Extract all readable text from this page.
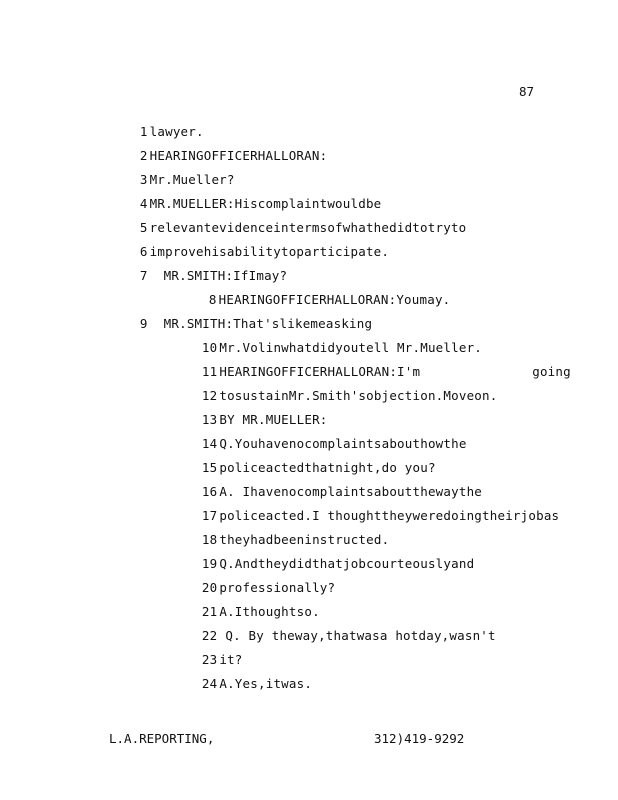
87

1 lawyer.

2 HEARINGOFFICERHALLORAN:

3 Mr.Mueller?

4 MR.MUELLER:Hiscomplaintwouldbe

5 relevantevidenceintermsofwhathedidtotryto

6 improvehisabilitytoparticipate.

7 MR.SMITH:IfImay?

8 HEARINGOFFICERHALLORAN:Youmay.

9 MR.SMITH:That'slikemeasking

10 Mr.Volinwhatdidyoutell Mr.Mueller.

11 HEARINGOFFICERHALLORAN:I'm	going

12 tosustainMr.Smith'sobjection.Moveon.

13 BY MR.MUELLER:

14 Q.Youhavenocomplaintsabouthowthe

15 policeactedthatnight,do you?

16 A. Ihavenocomplaintsaboutthewaythe

17 policeacted.I thoughttheyweredoingtheirjobas

18 theyhadbeeninstructed.

19 Q.Andtheydidthatjobcourteouslyand

20 professionally?

21 A.Ithoughtso.

22 Q. By theway,thatwasa hotday,wasn't

23 it?

24 A.Yes,itwas.

L.A.REPORTING,	312)419-9292
